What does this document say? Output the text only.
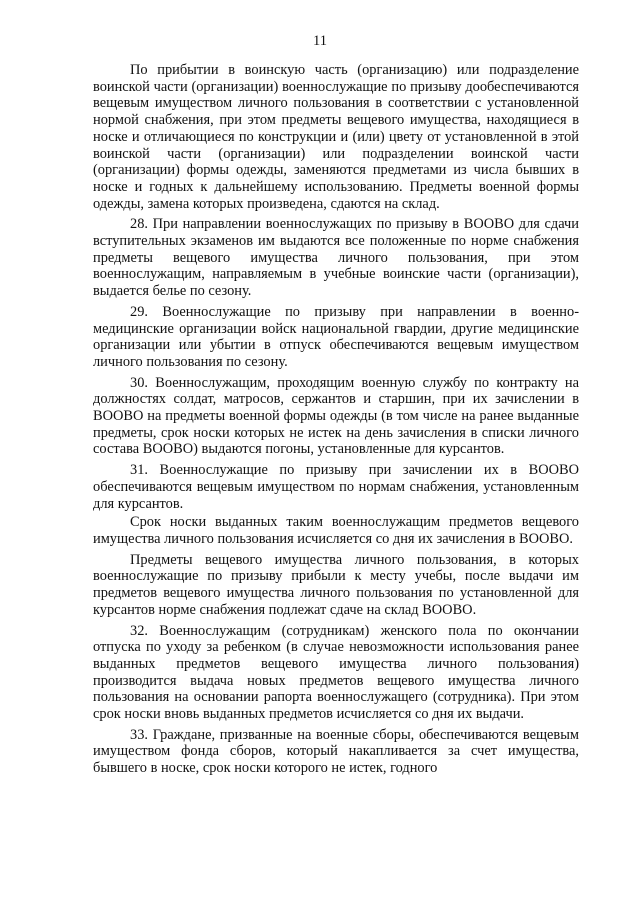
11

По прибытии в воинскую часть (организацию) или подразделение воинской части (организации) военнослужащие по призыву дообеспечиваются вещевым имуществом личного пользования в соответствии с установленной нормой снабжения, при этом предметы вещевого имущества, находящиеся в носке и отличающиеся по конструкции и (или) цвету от установленной в этой воинской части (организации) или подразделении воинской части (организации) формы одежды, заменяются предметами из числа бывших в носке и годных к дальнейшему использованию. Предметы военной формы одежды, замена которых произведена, сдаются на склад.

28. При направлении военнослужащих по призыву в ВООВО для сдачи вступительных экзаменов им выдаются все положенные по норме снабжения предметы вещевого имущества личного пользования, при этом военнослужащим, направляемым в учебные воинские части (организации), выдается белье по сезону.

29. Военнослужащие по призыву при направлении в военно-медицинские организации войск национальной гвардии, другие медицинские организации или убытии в отпуск обеспечиваются вещевым имуществом личного пользования по сезону.

30. Военнослужащим, проходящим военную службу по контракту на должностях солдат, матросов, сержантов и старшин, при их зачислении в ВООВО на предметы военной формы одежды (в том числе на ранее выданные предметы, срок носки которых не истек на день зачисления в списки личного состава ВООВО) выдаются погоны, установленные для курсантов.

31. Военнослужащие по призыву при зачислении их в ВООВО обеспечиваются вещевым имуществом по нормам снабжения, установленным для курсантов.

Срок носки выданных таким военнослужащим предметов вещевого имущества личного пользования исчисляется со дня их зачисления в ВООВО.

Предметы вещевого имущества личного пользования, в которых военнослужащие по призыву прибыли к месту учебы, после выдачи им предметов вещевого имущества личного пользования по установленной для курсантов норме снабжения подлежат сдаче на склад ВООВО.

32. Военнослужащим (сотрудникам) женского пола по окончании отпуска по уходу за ребенком (в случае невозможности использования ранее выданных предметов вещевого имущества личного пользования) производится выдача новых предметов вещевого имущества личного пользования на основании рапорта военнослужащего (сотрудника). При этом срок носки вновь выданных предметов исчисляется со дня их выдачи.

33. Граждане, призванные на военные сборы, обеспечиваются вещевым имуществом фонда сборов, который накапливается за счет имущества, бывшего в носке, срок носки которого не истек, годного
